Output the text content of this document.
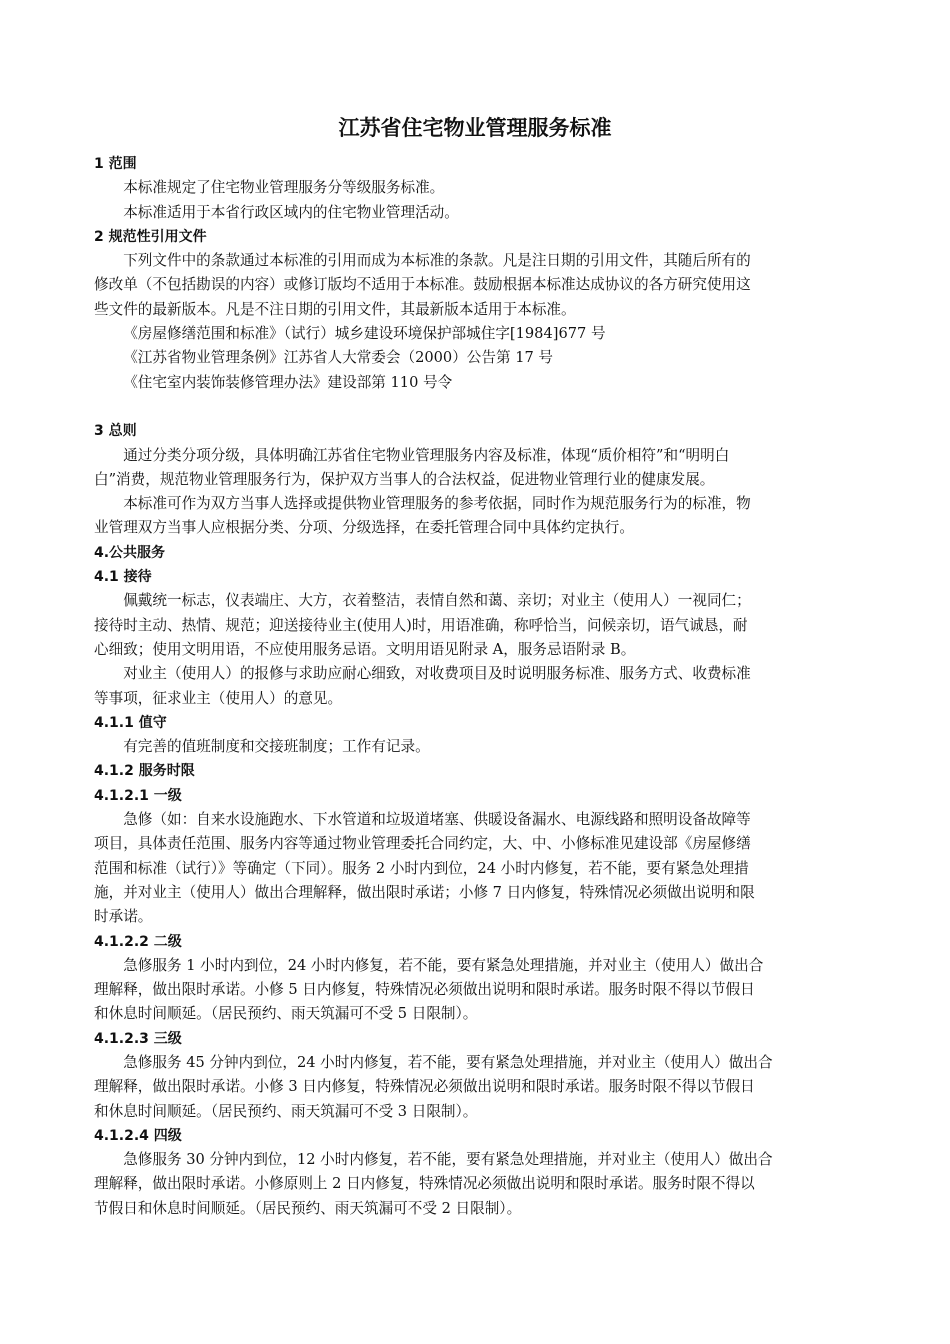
江苏省住宅物业管理服务标准
1 范围

本标准规定了住宅物业管理服务分等级服务标准。

本标准适用于本省行政区域内的住宅物业管理活动。

2 规范性引用文件

下列文件中的条款通过本标准的引用而成为本标准的条款。凡是注日期的引用文件，其随后所有的
修改单（不包括勘误的内容）或修订版均不适用于本标准。鼓励根据本标准达成协议的各方研究使用这
些文件的最新版本。凡是不注日期的引用文件，其最新版本适用于本标准。

《房屋修缮范围和标准》（试行）城乡建设环境保护部城住字[1984]677 号

《江苏省物业管理条例》江苏省人大常委会（2000）公告第 17 号

《住宅室内装饰装修管理办法》建设部第 110 号令

3 总则

通过分类分项分级，具体明确江苏省住宅物业管理服务内容及标准，体现“质价相符”和“明明白
白”消费，规范物业管理服务行为，保护双方当事人的合法权益，促进物业管理行业的健康发展。

本标准可作为双方当事人选择或提供物业管理服务的参考依据，同时作为规范服务行为的标准，物
业管理双方当事人应根据分类、分项、分级选择，在委托管理合同中具体约定执行。

4.公共服务
4.1 接待

佩戴统一标志，仪表端庄、大方，衣着整洁，表情自然和蔼、亲切；对业主（使用人）一视同仁；
接待时主动、热情、规范；迎送接待业主(使用人)时，用语准确，称呼恰当，问候亲切，语气诚恳，耐
心细致；使用文明用语，不应使用服务忌语。文明用语见附录 A，服务忌语附录 B。

对业主（使用人）的报修与求助应耐心细致，对收费项目及时说明服务标准、服务方式、收费标准
等事项，征求业主（使用人）的意见。

4.1.1 值守

有完善的值班制度和交接班制度；工作有记录。

4.1.2 服务时限
4.1.2.1 一级

急修（如：自来水设施跑水、下水管道和垃圾道堵塞、供暖设备漏水、电源线路和照明设备故障等
项目，具体责任范围、服务内容等通过物业管理委托合同约定，大、中、小修标准见建设部《房屋修缮
范围和标准（试行）》等确定（下同）。服务 2 小时内到位，24 小时内修复，若不能，要有紧急处理措
施，并对业主（使用人）做出合理解释，做出限时承诺；小修 7 日内修复，特殊情况必须做出说明和限
时承诺。

4.1.2.2 二级

急修服务 1 小时内到位，24 小时内修复，若不能，要有紧急处理措施，并对业主（使用人）做出合
理解释，做出限时承诺。小修 5 日内修复，特殊情况必须做出说明和限时承诺。服务时限不得以节假日
和休息时间顺延。（居民预约、雨天筑漏可不受 5 日限制）。

4.1.2.3 三级

急修服务 45 分钟内到位，24 小时内修复，若不能，要有紧急处理措施，并对业主（使用人）做出合
理解释，做出限时承诺。小修 3 日内修复，特殊情况必须做出说明和限时承诺。服务时限不得以节假日
和休息时间顺延。（居民预约、雨天筑漏可不受 3 日限制）。

4.1.2.4 四级

急修服务 30 分钟内到位，12 小时内修复，若不能，要有紧急处理措施，并对业主（使用人）做出合
理解释，做出限时承诺。小修原则上 2 日内修复，特殊情况必须做出说明和限时承诺。服务时限不得以
节假日和休息时间顺延。（居民预约、雨天筑漏可不受 2 日限制）。
